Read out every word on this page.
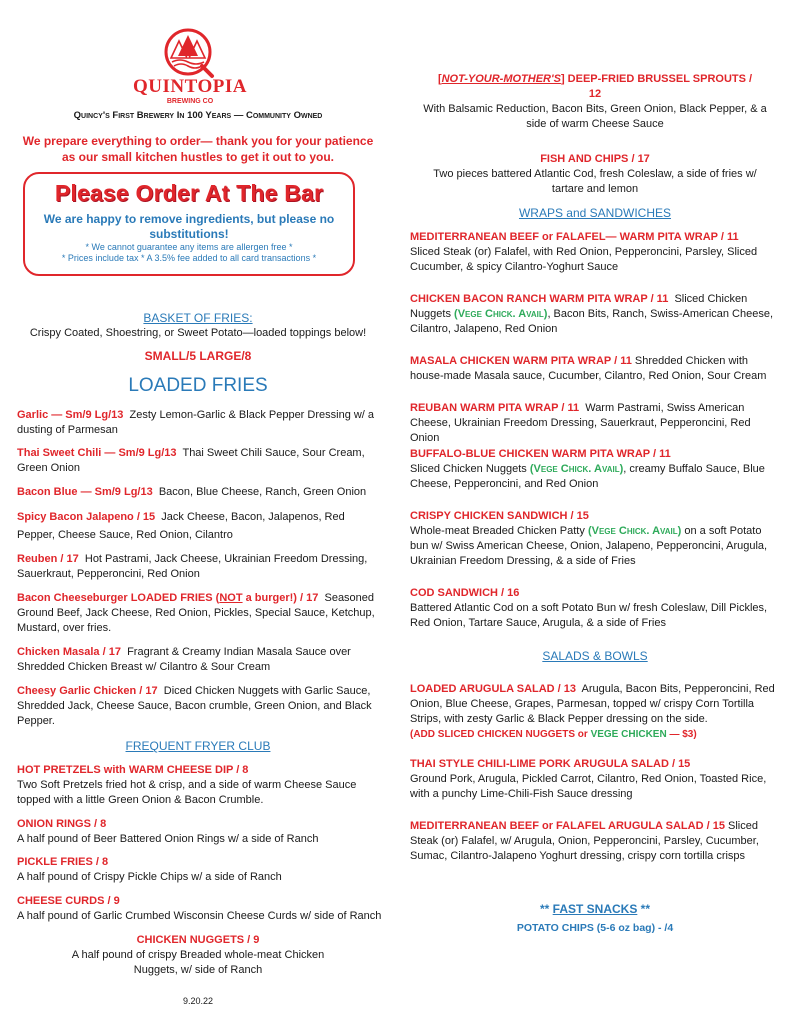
QUINTOPIA
BREWING CO
Quincy's First Brewery In 100 Years — Community Owned
We prepare everything to order— thank you for your patience
as our small kitchen hustles to get it out to you.
Please Order At The Bar
We are happy to remove ingredients, but please no
substitutions!
* We cannot guarantee any items are allergen free *
* Prices include tax * A 3.5% fee added to all card transactions *
BASKET OF FRIES:
Crispy Coated, Shoestring, or Sweet Potato—loaded toppings below!
SMALL/5 LARGE/8
LOADED FRIES
Garlic — Sm/9 Lg/13 Zesty Lemon-Garlic & Black Pepper Dressing w/ a dusting of Parmesan
Thai Sweet Chili — Sm/9 Lg/13 Thai Sweet Chili Sauce, Sour Cream, Green Onion
Bacon Blue — Sm/9 Lg/13 Bacon, Blue Cheese, Ranch, Green Onion
Spicy Bacon Jalapeno / 15 Jack Cheese, Bacon, Jalapenos, Red Pepper, Cheese Sauce, Red Onion, Cilantro
Reuben / 17 Hot Pastrami, Jack Cheese, Ukrainian Freedom Dressing, Sauerkraut, Pepperoncini, Red Onion
Bacon Cheeseburger LOADED FRIES (NOT a burger!) / 17 Seasoned Ground Beef, Jack Cheese, Red Onion, Pickles, Special Sauce, Ketchup, Mustard, over fries.
Chicken Masala / 17 Fragrant & Creamy Indian Masala Sauce over Shredded Chicken Breast w/ Cilantro & Sour Cream
Cheesy Garlic Chicken / 17 Diced Chicken Nuggets with Garlic Sauce, Shredded Jack, Cheese Sauce, Bacon crumble, Green Onion, and Black Pepper.
FREQUENT FRYER CLUB
HOT PRETZELS with WARM CHEESE DIP / 8
Two Soft Pretzels fried hot & crisp, and a side of warm Cheese Sauce topped with a little Green Onion & Bacon Crumble.
ONION RINGS / 8
A half pound of Beer Battered Onion Rings w/ a side of Ranch
PICKLE FRIES / 8
A half pound of Crispy Pickle Chips w/ a side of Ranch
CHEESE CURDS / 9
A half pound of Garlic Crumbed Wisconsin Cheese Curds w/ side of Ranch
CHICKEN NUGGETS / 9
A half pound of crispy Breaded whole-meat Chicken
Nuggets, w/ side of Ranch
9.20.22
[NOT-YOUR-MOTHER'S] DEEP-FRIED BRUSSEL SPROUTS /
12
With Balsamic Reduction, Bacon Bits, Green Onion, Black Pepper, & a
side of warm Cheese Sauce
FISH AND CHIPS / 17
Two pieces battered Atlantic Cod, fresh Coleslaw, a side of fries w/
tartare and lemon
WRAPS and SANDWICHES
MEDITERRANEAN BEEF or FALAFEL— WARM PITA WRAP / 11
Sliced Steak (or) Falafel, with Red Onion, Pepperoncini, Parsley, Sliced Cucumber, & spicy Cilantro-Yoghurt Sauce
CHICKEN BACON RANCH WARM PITA WRAP / 11 Sliced Chicken Nuggets (Vege Chick. Avail), Bacon Bits, Ranch, Swiss-American Cheese, Cilantro, Jalapeno, Red Onion
MASALA CHICKEN WARM PITA WRAP / 11 Shredded Chicken with house-made Masala sauce, Cucumber, Cilantro, Red Onion, Sour Cream
REUBAN WARM PITA WRAP / 11 Warm Pastrami, Swiss American Cheese, Ukrainian Freedom Dressing, Sauerkraut, Pepperoncini, Red Onion
BUFFALO-BLUE CHICKEN WARM PITA WRAP / 11
Sliced Chicken Nuggets (Vege Chick. Avail), creamy Buffalo Sauce, Blue Cheese, Pepperoncini, and Red Onion
CRISPY CHICKEN SANDWICH / 15
Whole-meat Breaded Chicken Patty (Vege Chick. Avail) on a soft Potato bun w/ Swiss American Cheese, Onion, Jalapeno, Pepperoncini, Arugula, Ukrainian Freedom Dressing, & a side of Fries
COD SANDWICH / 16
Battered Atlantic Cod on a soft Potato Bun w/ fresh Coleslaw, Dill Pickles, Red Onion, Tartare Sauce, Arugula, & a side of Fries
SALADS & BOWLS
LOADED ARUGULA SALAD / 13 Arugula, Bacon Bits, Pepperoncini, Red Onion, Blue Cheese, Grapes, Parmesan, topped w/ crispy Corn Tortilla Strips, with zesty Garlic & Black Pepper dressing on the side.
(ADD SLICED CHICKEN NUGGETS or VEGE CHICKEN — $3)
THAI STYLE CHILI-LIME PORK ARUGULA SALAD / 15
Ground Pork, Arugula, Pickled Carrot, Cilantro, Red Onion, Toasted Rice, with a punchy Lime-Chili-Fish Sauce dressing
MEDITERRANEAN BEEF or FALAFEL ARUGULA SALAD / 15 Sliced Steak (or) Falafel, w/ Arugula, Onion, Pepperoncini, Parsley, Cucumber, Sumac, Cilantro-Jalapeno Yoghurt dressing, crispy corn tortilla crisps
** FAST SNACKS **
POTATO CHIPS (5-6 oz bag) - /4
